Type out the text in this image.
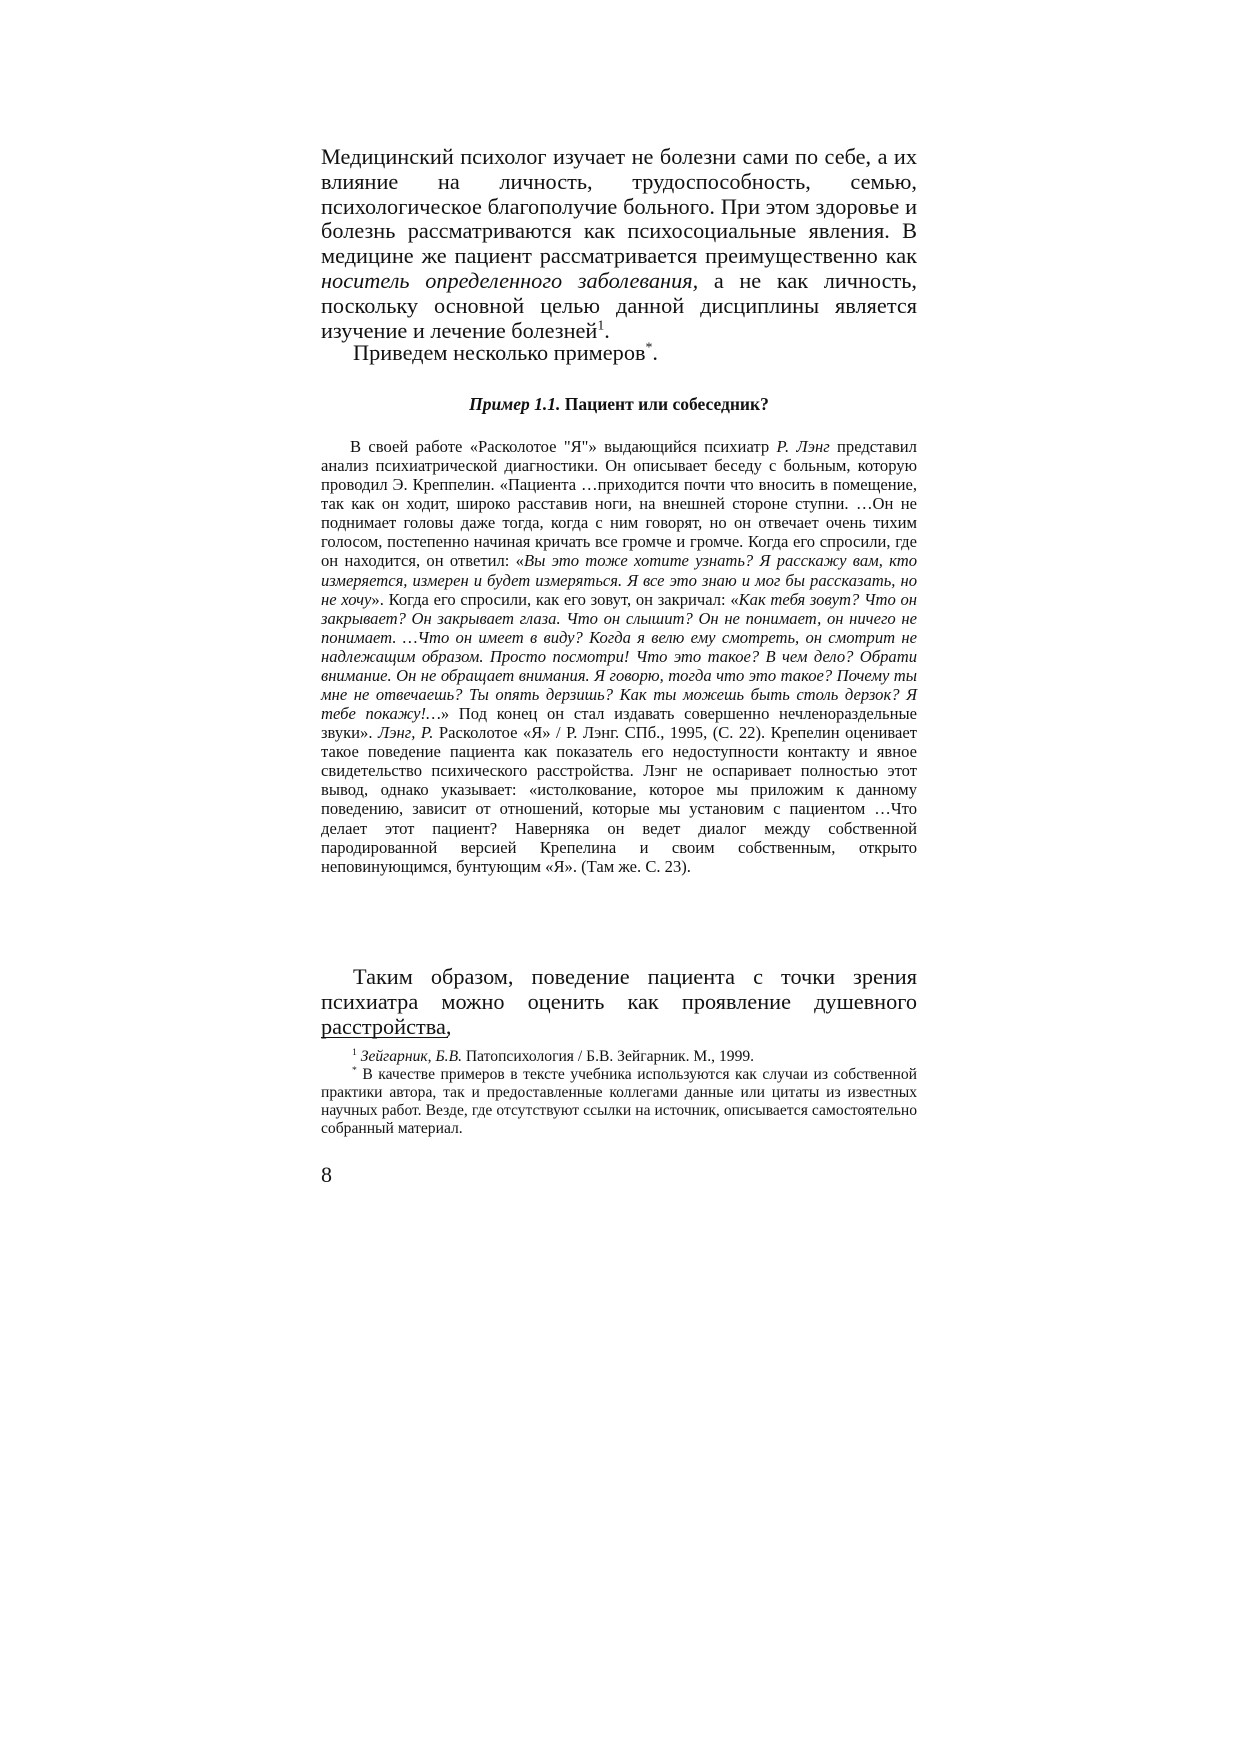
Медицинский психолог изучает не болезни сами по себе, а их влияние на личность, трудоспособность, семью, психологическое благополучие больного. При этом здоровье и болезнь рассматриваются как психосоциальные явления. В медицине же пациент рассматривается преимущественно как носитель определенного заболевания, а не как личность, поскольку основной целью данной дисциплины является изучение и лечение болезней$^1$.

Приведем несколько примеров*.

Пример 1.1. Пациент или собеседник?

В своей работе «Расколотое "Я"» выдающийся психиатр Р. Лэнг представил анализ психиатрической диагностики. Он описывает беседу с больным, которую проводил Э. Креппелин. «Пациента …приходится почти что вносить в помещение, так как он ходит, широко расставив ноги, на внешней стороне ступни. …Он не поднимает головы даже тогда, когда с ним говорят, но он отвечает очень тихим голосом, постепенно начиная кричать все громче и громче. Когда его спросили, где он находится, он ответил: «Вы это тоже хотите узнать? Я расскажу вам, кто измеряется, измерен и будет измеряться. Я все это знаю и мог бы рассказать, но не хочу». Когда его спросили, как его зовут, он закричал: «Как тебя зовут? Что он закрывает? Он закрывает глаза. Что он слышит? Он не понимает, он ничего не понимает. …Что он имеет в виду? Когда я велю ему смотреть, он смотрит не надлежащим образом. Просто посмотри! Что это такое? В чем дело? Обрати внимание. Он не обращает внимания. Я говорю, тогда что это такое? Почему ты мне не отвечаешь? Ты опять дерзишь? Как ты можешь быть столь дерзок? Я тебе покажу!…» Под конец он стал издавать совершенно нечленораздельные звуки». Лэнг, Р. Расколотое «Я» / Р. Лэнг. СПб., 1995, (С. 22). Крепелин оценивает такое поведение пациента как показатель его недоступности контакту и явное свидетельство психического расстройства. Лэнг не оспаривает полностью этот вывод, однако указывает: «истолкование, которое мы приложим к данному поведению, зависит от отношений, которые мы установим с пациентом …Что делает этот пациент? Наверняка он ведет диалог между собственной пародированной версией Крепелина и своим собственным, открыто неповинующимся, бунтующим «Я». (Там же. С. 23).

Таким образом, поведение пациента с точки зрения психиатра можно оценить как проявление душевного расстройства,

$^1$ Зейгарник, Б.В. Патопсихология / Б.В. Зейгарник. М., 1999.

* В качестве примеров в тексте учебника используются как случаи из собственной практики автора, так и предоставленные коллегами данные или цитаты из известных научных работ. Везде, где отсутствуют ссылки на источник, описывается самостоятельно собранный материал.

8
